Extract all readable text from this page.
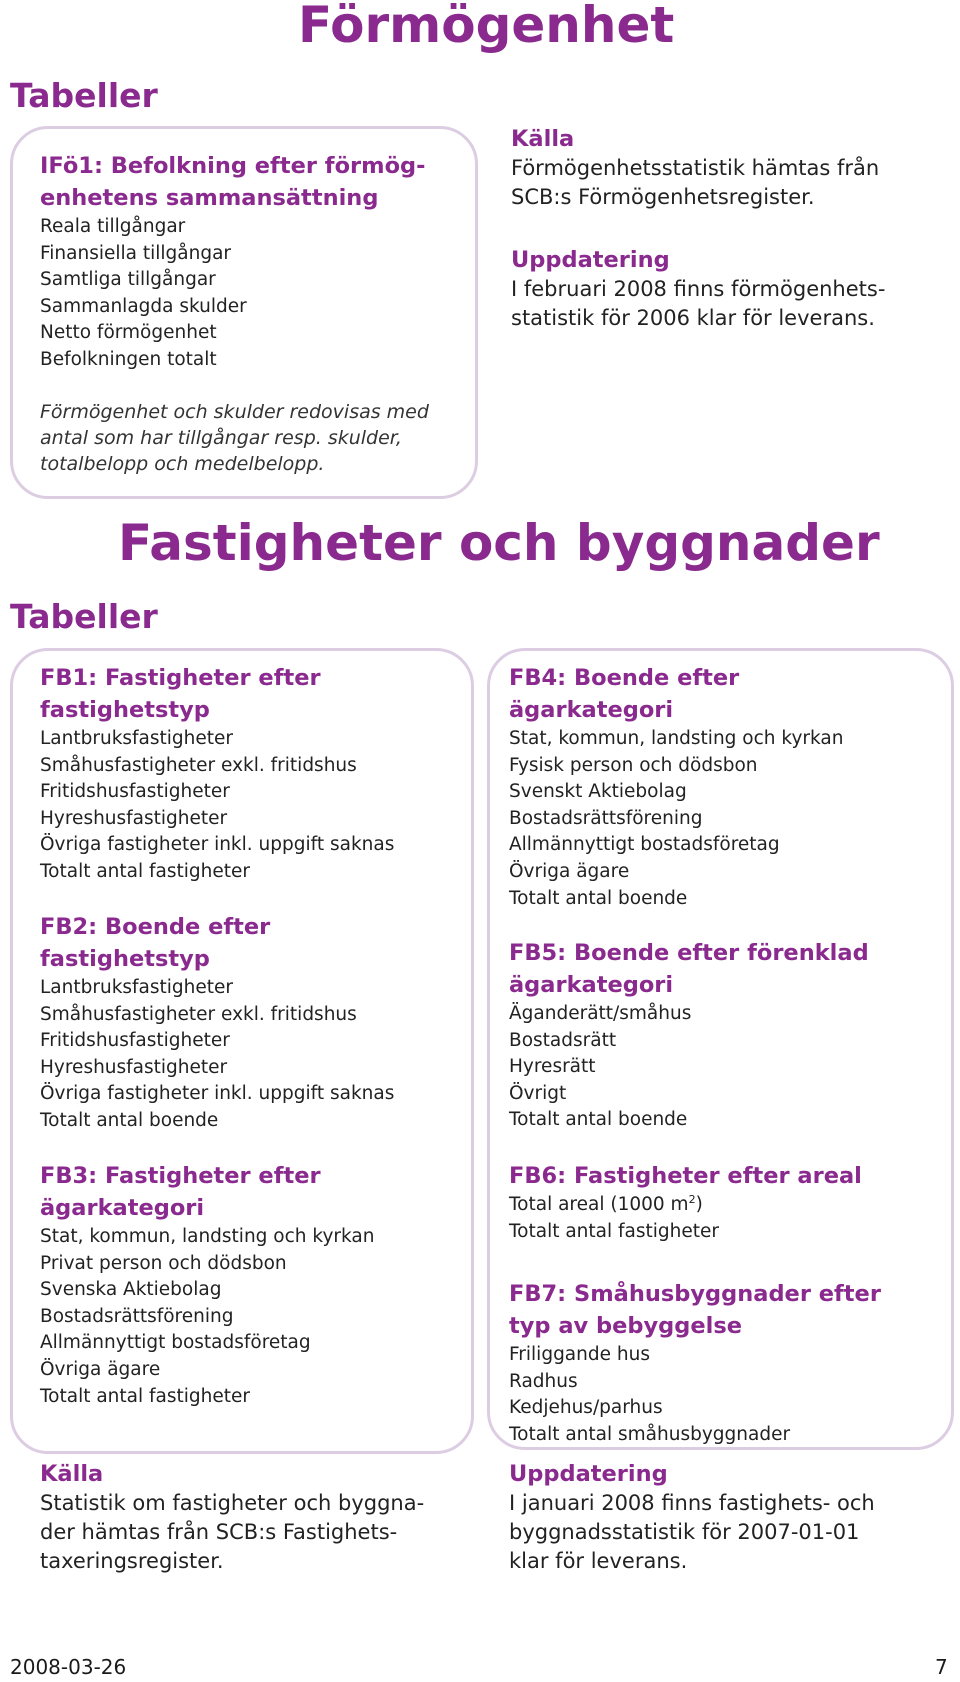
Förmögenhet
Tabeller

IFö1: Befolkning efter förmög-

enhetens sammansättning

Reala tillgångar

Finansiella tillgångar

Samtliga tillgångar

Sammanlagda skulder

Netto förmögenhet

Befolkningen totalt

Förmögenhet och skulder redovisas med
antal som har tillgångar resp. skulder,
totalbelopp och medelbelopp.

Källa

Förmögenhetsstatistik hämtas från

SCB:s Förmögenhetsregister.

Uppdatering

I februari 2008 finns förmögenhets-

statistik för 2006 klar för leverans.

Fastigheter och byggnader
Tabeller

FB1: Fastigheter efter

fastighetstyp

Lantbruksfastigheter

Småhusfastigheter exkl. fritidshus

Fritidshusfastigheter

Hyreshusfastigheter

Övriga fastigheter inkl. uppgift saknas

Totalt antal fastigheter

FB2: Boende efter

fastighetstyp

Lantbruksfastigheter

Småhusfastigheter exkl. fritidshus

Fritidshusfastigheter

Hyreshusfastigheter

Övriga fastigheter inkl. uppgift saknas

Totalt antal boende

FB3: Fastigheter efter

ägarkategori

Stat, kommun, landsting och kyrkan

Privat person och dödsbon

Svenska Aktiebolag

Bostadsrättsförening

Allmännyttigt bostadsföretag

Övriga ägare

Totalt antal fastigheter

FB4: Boende efter

ägarkategori

Stat, kommun, landsting och kyrkan

Fysisk person och dödsbon

Svenskt Aktiebolag

Bostadsrättsförening

Allmännyttigt bostadsföretag

Övriga ägare

Totalt antal boende

FB5: Boende efter förenklad

ägarkategori

Äganderätt/småhus

Bostadsrätt

Hyresrätt

Övrigt

Totalt antal boende

FB6: Fastigheter efter areal

Total areal (1000 $m^2$)

Totalt antal fastigheter

FB7: Småhusbyggnader efter

typ av bebyggelse

Friliggande hus

Radhus

Kedjehus/parhus

Totalt antal småhusbyggnader

Källa

Statistik om fastigheter och byggna-

der hämtas från SCB:s Fastighets-

taxeringsregister.

Uppdatering

I januari 2008 finns fastighets- och

byggnadsstatistik för 2007-01-01

klar för leverans.

2008-03-26	7
